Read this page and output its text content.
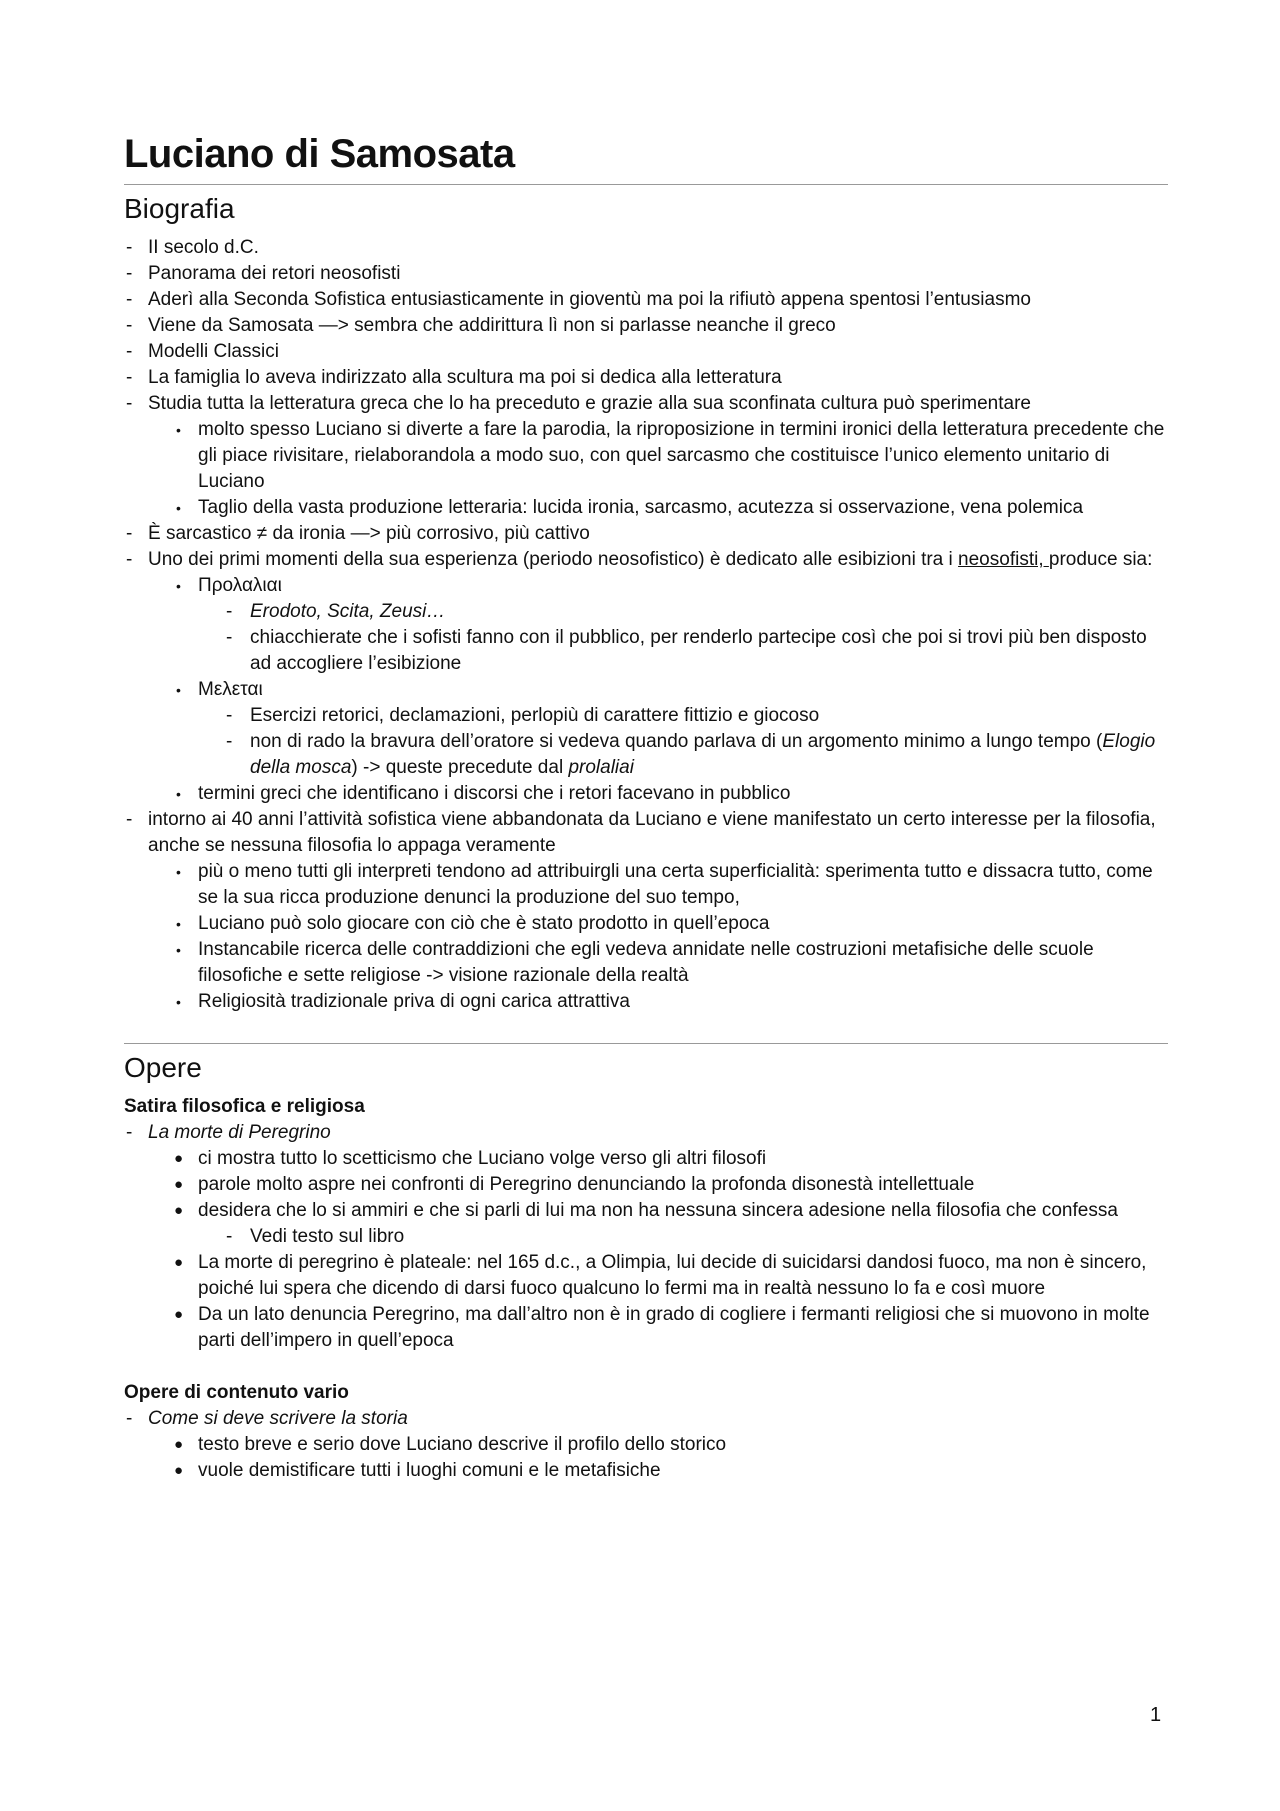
Luciano di Samosata
Biografia
- II secolo d.C.
- Panorama dei retori neosofisti
- Aderì alla Seconda Sofistica entusiasticamente in gioventù ma poi la rifiutò appena spentosi l’entusiasmo
- Viene da Samosata —> sembra che addirittura lì non si parlasse neanche il greco
- Modelli Classici
- La famiglia lo aveva indirizzato alla scultura ma poi si dedica alla letteratura
- Studia tutta la letteratura greca che lo ha preceduto e grazie alla sua sconfinata cultura può sperimentare
• molto spesso Luciano si diverte a fare la parodia, la riproposizione in termini ironici della letteratura precedente che gli piace rivisitare, rielaborandola a modo suo, con quel sarcasmo che costituisce l’unico elemento unitario di Luciano
• Taglio della vasta produzione letteraria: lucida ironia, sarcasmo, acutezza si osservazione, vena polemica
- È sarcastico ≠ da ironia —> più corrosivo, più cattivo
- Uno dei primi momenti della sua esperienza (periodo neosofistico) è dedicato alle esibizioni tra i neosofisti, produce sia:
• Προλαλιαι
- Erodoto, Scita, Zeusi…
- chiacchierate che i sofisti fanno con il pubblico, per renderlo partecipe così che poi si trovi più ben disposto ad accogliere l’esibizione
• Μελεται
- Esercizi retorici, declamazioni, perlopiù di carattere fittizio e giocoso
- non di rado la bravura dell’oratore si vedeva quando parlava di un argomento minimo a lungo tempo (Elogio della mosca) -> queste precedute dal prolaliai
• termini greci che identificano i discorsi che i retori facevano in pubblico
- intorno ai 40 anni l’attività sofistica viene abbandonata da Luciano e viene manifestato un certo interesse per la filosofia, anche se nessuna filosofia lo appaga veramente
• più o meno tutti gli interpreti tendono ad attribuirgli una certa superficialità: sperimenta tutto e dissacra tutto, come se la sua ricca produzione denunci la produzione del suo tempo,
• Luciano può solo giocare con ciò che è stato prodotto in quell’epoca
• Instancabile ricerca delle contraddizioni che egli vedeva annidate nelle costruzioni metafisiche delle scuole filosofiche e sette religiose -> visione razionale della realtà
• Religiosità tradizionale priva di ogni carica attrattiva
Opere
Satira filosofica e religiosa
- La morte di Peregrino
● ci mostra tutto lo scetticismo che Luciano volge verso gli altri filosofi
● parole molto aspre nei confronti di Peregrino denunciando la profonda disonestà intellettuale
● desidera che lo si ammiri e che si parli di lui ma non ha nessuna sincera adesione nella filosofia che confessa
- Vedi testo sul libro
● La morte di peregrino è plateale: nel 165 d.c., a Olimpia, lui decide di suicidarsi dandosi fuoco, ma non è sincero, poiché lui spera che dicendo di darsi fuoco qualcuno lo fermi ma in realtà nessuno lo fa e così muore
● Da un lato denuncia Peregrino, ma dall’altro non è in grado di cogliere i fermanti religiosi che si muovono in molte parti dell’impero in quell’epoca
Opere di contenuto vario
- Come si deve scrivere la storia
● testo breve e serio dove Luciano descrive il profilo dello storico
● vuole demistificare tutti i luoghi comuni e le metafisiche
1
